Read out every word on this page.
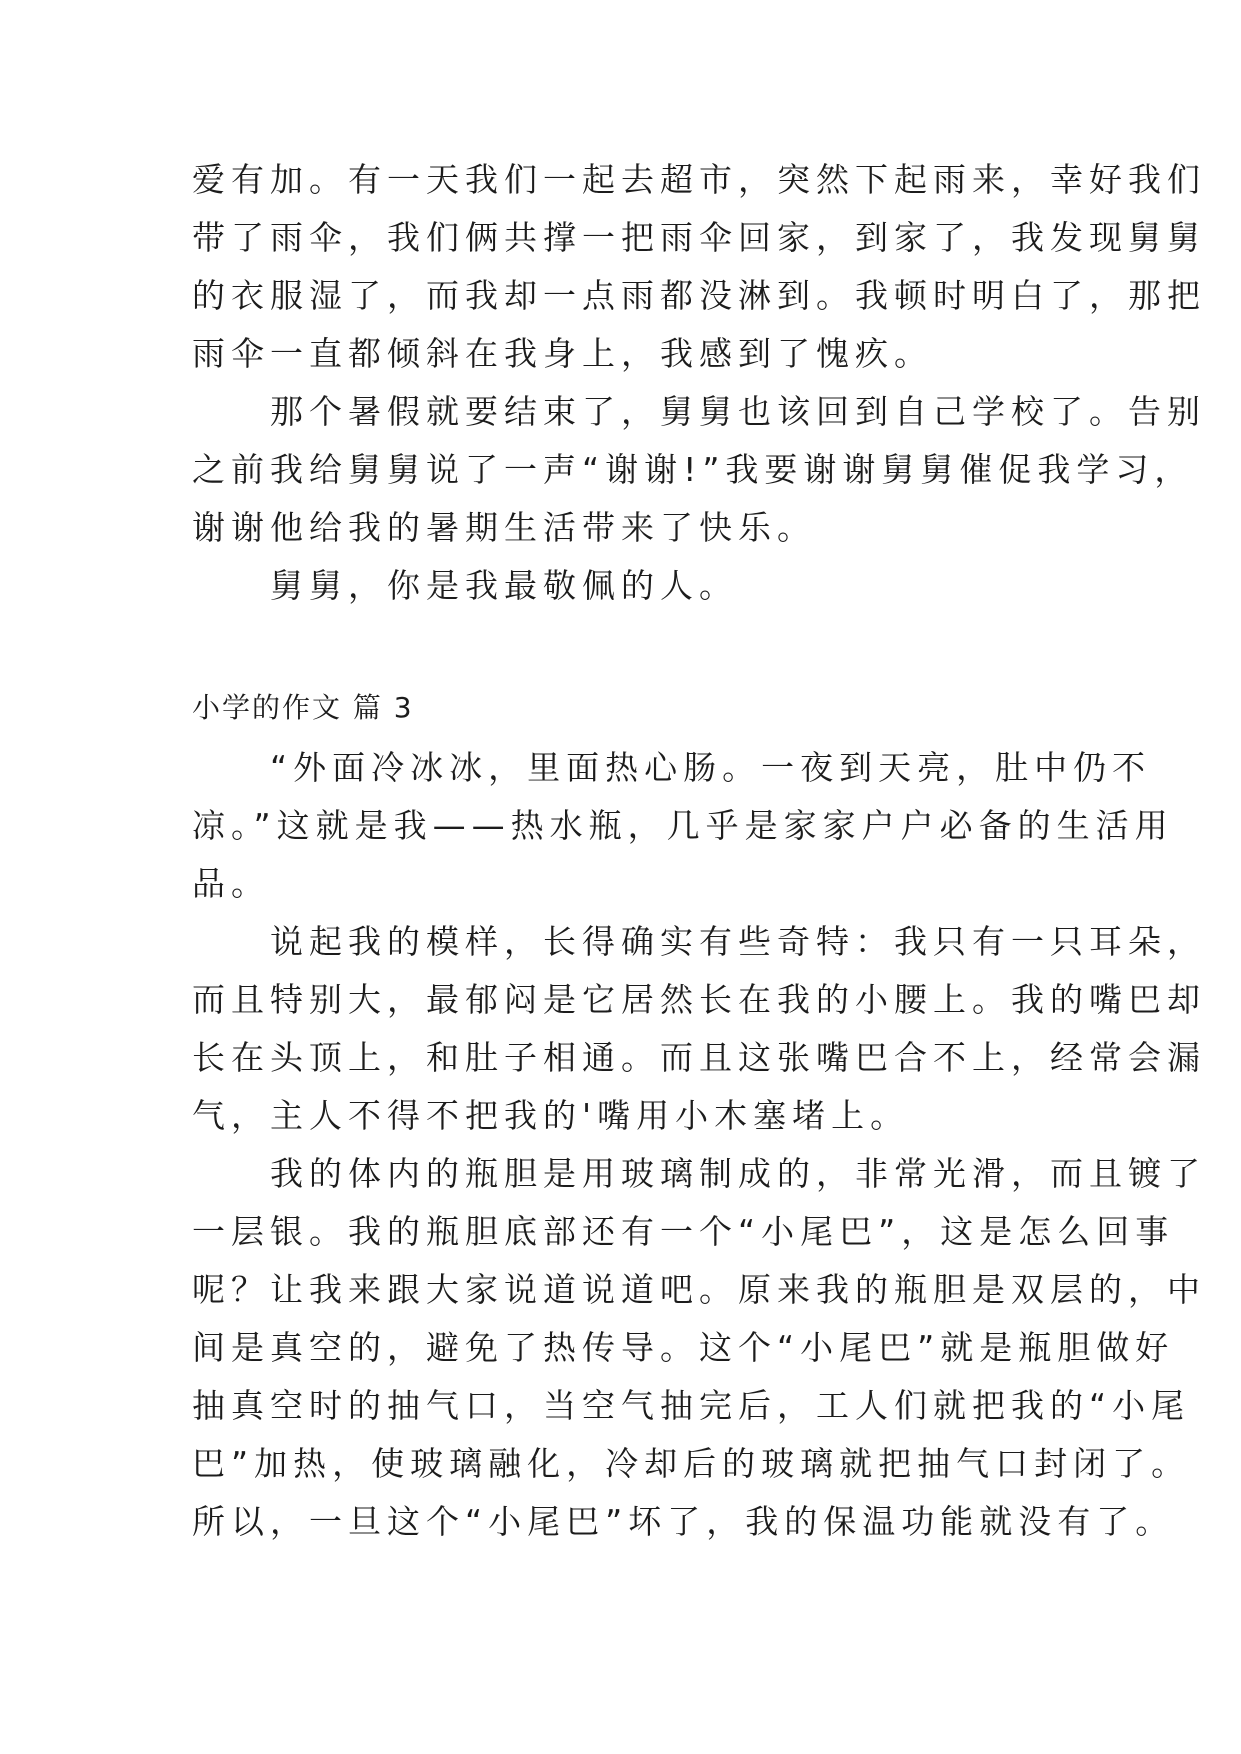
爱有加。有一天我们一起去超市，突然下起雨来，幸好我们
带了雨伞，我们俩共撑一把雨伞回家，到家了，我发现舅舅
的衣服湿了，而我却一点雨都没淋到。我顿时明白了，那把
雨伞一直都倾斜在我身上，我感到了愧疚。
　　那个暑假就要结束了，舅舅也该回到自己学校了。告别
之前我给舅舅说了一声“谢谢!”我要谢谢舅舅催促我学习，
谢谢他给我的暑期生活带来了快乐。
　　舅舅，你是我最敬佩的人。
小学的作文 篇 3
　　“外面冷冰冰，里面热心肠。一夜到天亮，肚中仍不
凉。”这就是我——热水瓶，几乎是家家户户必备的生活用
品。
　　说起我的模样，长得确实有些奇特：我只有一只耳朵，
而且特别大，最郁闷是它居然长在我的小腰上。我的嘴巴却
长在头顶上，和肚子相通。而且这张嘴巴合不上，经常会漏
气，主人不得不把我的'嘴用小木塞堵上。
　　我的体内的瓶胆是用玻璃制成的，非常光滑，而且镀了
一层银。我的瓶胆底部还有一个“小尾巴”，这是怎么回事
呢？让我来跟大家说道说道吧。原来我的瓶胆是双层的，中
间是真空的，避免了热传导。这个“小尾巴”就是瓶胆做好
抽真空时的抽气口，当空气抽完后，工人们就把我的“小尾
巴”加热，使玻璃融化，冷却后的玻璃就把抽气口封闭了。
所以，一旦这个“小尾巴”坏了，我的保温功能就没有了。
